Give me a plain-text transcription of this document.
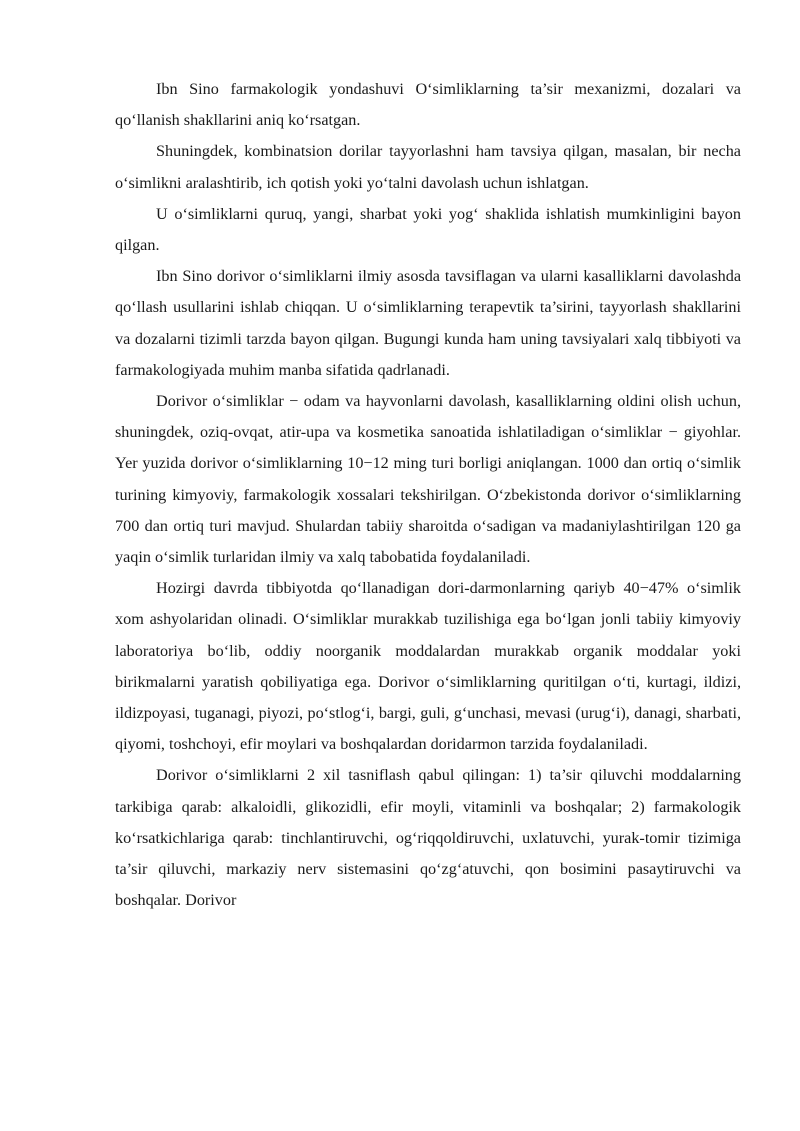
Ibn Sino farmakologik yondashuvi O‘simliklarning ta’sir mexanizmi, dozalari va qo‘llanish shakllarini aniq ko‘rsatgan.

Shuningdek, kombinatsion dorilar tayyorlashni ham tavsiya qilgan, masalan, bir necha o‘simlikni aralashtirib, ich qotish yoki yo‘talni davolash uchun ishlatgan.

U o‘simliklarni quruq, yangi, sharbat yoki yog‘ shaklida ishlatish mumkinligini bayon qilgan.

Ibn Sino dorivor o‘simliklarni ilmiy asosda tavsiflagan va ularni kasalliklarni davolashda qo‘llash usullarini ishlab chiqqan. U o‘simliklarning terapevtik ta’sirini, tayyorlash shakllarini va dozalarni tizimli tarzda bayon qilgan. Bugungi kunda ham uning tavsiyalari xalq tibbiyoti va farmakologiyada muhim manba sifatida qadrlanadi.

Dorivor o‘simliklar − odam va hayvonlarni davolash, kasalliklarning oldini olish uchun, shuningdek, oziq-ovqat, atir-upa va kosmetika sanoatida ishlatiladigan o‘simliklar − giyohlar. Yer yuzida dorivor o‘simliklarning 10−12 ming turi borligi aniqlangan. 1000 dan ortiq o‘simlik turining kimyoviy, farmakologik xossalari tekshirilgan. O‘zbekistonda dorivor o‘simliklarning 700 dan ortiq turi mavjud. Shulardan tabiiy sharoitda o‘sadigan va madaniylashtirilgan 120 ga yaqin o‘simlik turlaridan ilmiy va xalq tabobatida foydalaniladi.

Hozirgi davrda tibbiyotda qo‘llanadigan dori-darmonlarning qariyb 40−47% o‘simlik xom ashyolaridan olinadi. O‘simliklar murakkab tuzilishiga ega bo‘lgan jonli tabiiy kimyoviy laboratoriya bo‘lib, oddiy noorganik moddalardan murakkab organik moddalar yoki birikmalarni yaratish qobiliyatiga ega. Dorivor o‘simliklarning quritilgan o‘ti, kurtagi, ildizi, ildizpoyasi, tuganagi, piyozi, po‘stlog‘i, bargi, guli, g‘unchasi, mevasi (urug‘i), danagi, sharbati, qiyomi, toshchoyi, efir moylari va boshqalardan doridarmon tarzida foydalaniladi.

Dorivor o‘simliklarni 2 xil tasniflash qabul qilingan: 1) ta’sir qiluvchi moddalarning tarkibiga qarab: alkaloidli, glikozidli, efir moyli, vitaminli va boshqalar; 2) farmakologik ko‘rsatkichlariga qarab: tinchlantiruvchi, og‘riqqoldiruvchi, uxlatuvchi, yurak-tomir tizimiga ta’sir qiluvchi, markaziy nerv sistemasini qo‘zg‘atuvchi, qon bosimini pasaytiruvchi va boshqalar. Dorivor
